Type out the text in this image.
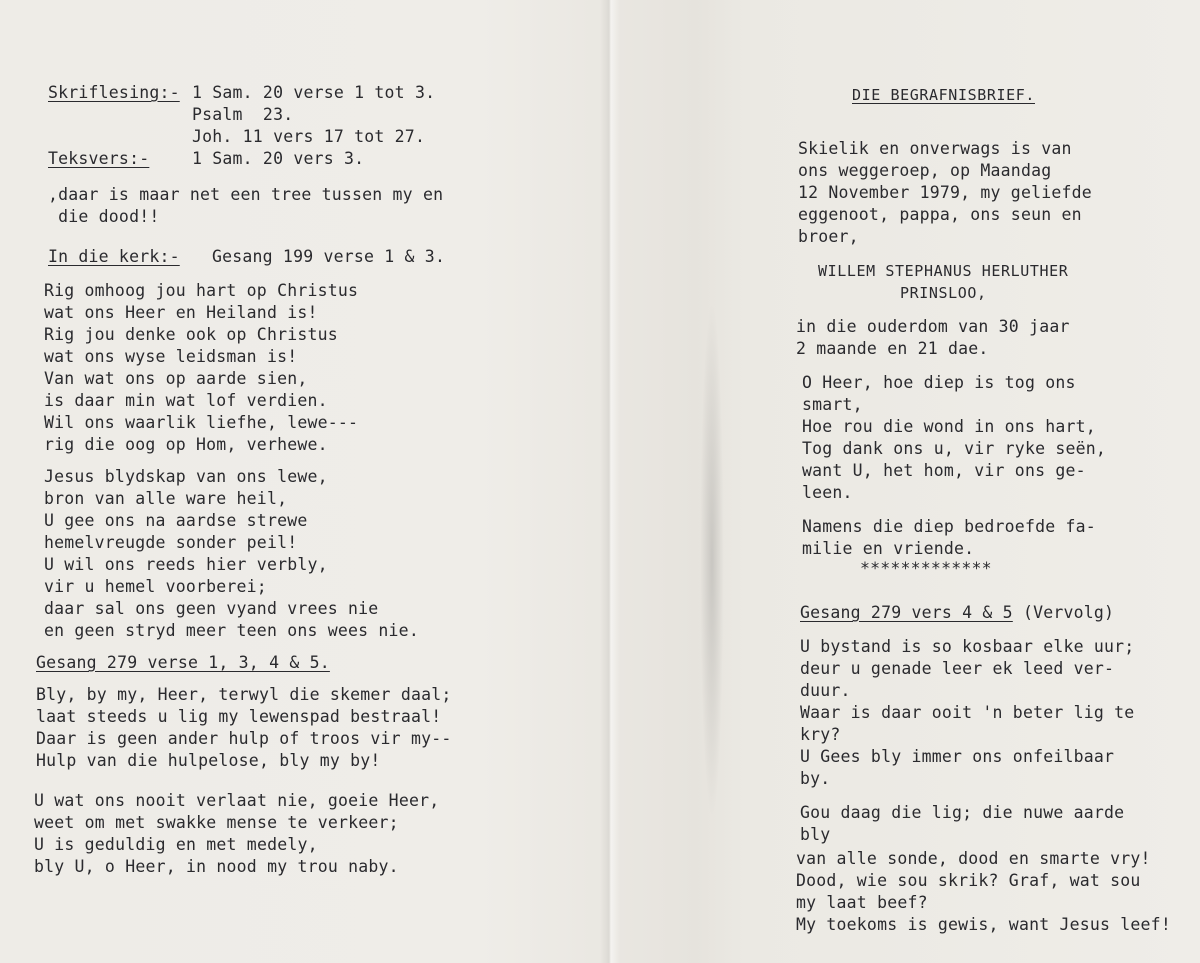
Skriflesing:- 1 Sam. 20 verse 1 tot 3.
Psalm  23.
Joh. 11 vers 17 tot 27.
Teksvers:-	1 Sam. 20 vers 3.
,daar is maar net een tree tussen my en
die dood!!
In die kerk:- Gesang 199 verse 1 & 3.
Rig omhoog jou hart op Christus
wat ons Heer en Heiland is!
Rig jou denke ook op Christus
wat ons wyse leidsman is!
Van wat ons op aarde sien,
is daar min wat lof verdien.
Wil ons waarlik liefhe, lewe---
rig die oog op Hom, verhewe.
Jesus blydskap van ons lewe,
bron van alle ware heil,
U gee ons na aardse strewe
hemelvreugde sonder peil!
U wil ons reeds hier verbly,
vir u hemel voorberei;
daar sal ons geen vyand vrees nie
en geen stryd meer teen ons wees nie.
Gesang 279 verse 1, 3, 4 & 5.
Bly, by my, Heer, terwyl die skemer daal;
laat steeds u lig my lewenspad bestraal!
Daar is geen ander hulp of troos vir my--
Hulp van die hulpelose, bly my by!
U wat ons nooit verlaat nie, goeie Heer,
weet om met swakke mense te verkeer;
U is geduldig en met medely,
bly U, o Heer, in nood my trou naby.
DIE BEGRAFNISBRIEF.
Skielik en onverwags is van
ons weggeroep, op Maandag
12 November 1979, my geliefde
eggenoot, pappa, ons seun en
broer,
WILLEM STEPHANUS HERLUTHER
PRINSLOO,
in die ouderdom van 30 jaar
2 maande en 21 dae.
O Heer, hoe diep is tog ons
smart,
Hoe rou die wond in ons hart,
Tog dank ons u, vir ryke seën,
want U, het hom, vir ons ge-
leen.
Namens die diep bedroefde fa-
milie en vriende.
*************
Gesang 279 vers 4 & 5 (Vervolg)
U bystand is so kosbaar elke uur;
deur u genade leer ek leed ver-
duur.
Waar is daar ooit 'n beter lig te
kry?
U Gees bly immer ons onfeilbaar
by.
Gou daag die lig; die nuwe aarde
bly
van alle sonde, dood en smarte vry!
Dood, wie sou skrik? Graf, wat sou
my laat beef?
My toekoms is gewis, want Jesus leef!
